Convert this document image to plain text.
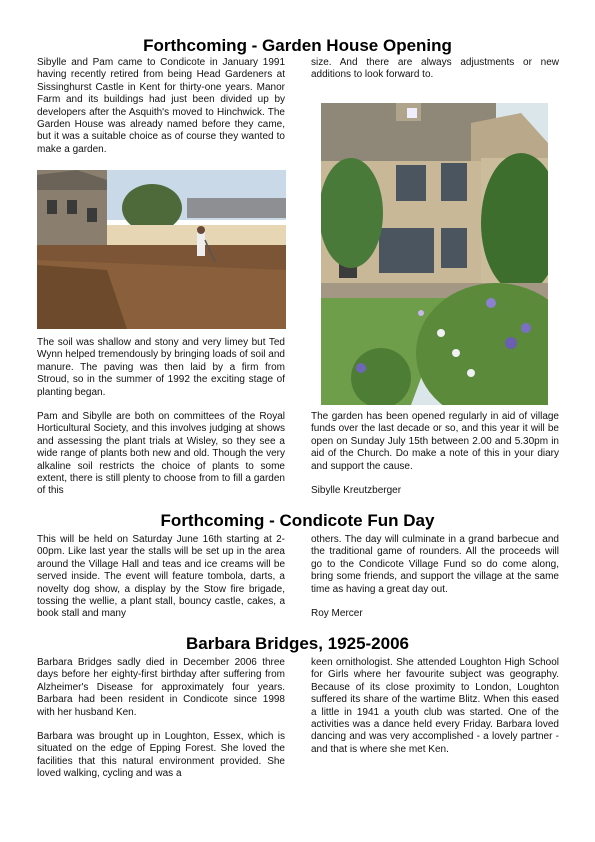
Forthcoming - Garden House Opening

Sibylle and Pam came to Condicote in January 1991 having recently retired from being Head Gardeners at Sissinghurst Castle in Kent for thirty-one years. Manor Farm and its buildings had just been divided up by developers after the Asquith's moved to Hinchwick. The Garden House was already named before they came, but it was a suitable choice as of course they wanted to make a garden.

The soil was shallow and stony and very limey but Ted Wynn helped tremendously by bringing loads of soil and manure. The paving was then laid by a firm from Stroud, so in the summer of 1992 the exciting stage of planting began.

Pam and Sibylle are both on committees of the Royal Horticultural Society, and this involves judging at shows and assessing the plant trials at Wisley, so they see a wide range of plants both new and old. Though the very alkaline soil restricts the choice of plants to some extent, there is still plenty to choose from to fill a garden of this

size. And there are always adjustments or new additions to look forward to.

The garden has been opened regularly in aid of village funds over the last decade or so, and this year it will be open on Sunday July 15th between 2.00 and 5.30pm in aid of the Church. Do make a note of this in your diary and support the cause.

Sibylle Kreutzberger

Forthcoming - Condicote Fun Day

This will be held on Saturday June 16th starting at 2-00pm. Like last year the stalls will be set up in the area around the Village Hall and teas and ice creams will be served inside. The event will feature tombola, darts, a novelty dog show, a display by the Stow fire brigade, tossing the wellie, a plant stall, bouncy castle, cakes, a book stall and many

others. The day will culminate in a grand barbecue and the traditional game of rounders. All the proceeds will go to the Condicote Village Fund so do come along, bring some friends, and support the village at the same time as having a great day out.

Roy Mercer

Barbara Bridges, 1925-2006

Barbara Bridges sadly died in December 2006 three days before her eighty-first birthday after suffering from Alzheimer's Disease for approximately four years. Barbara had been resident in Condicote since 1998 with her husband Ken.

Barbara was brought up in Loughton, Essex, which is situated on the edge of Epping Forest. She loved the facilities that this natural environment provided. She loved walking, cycling and was a

keen ornithologist. She attended Loughton High School for Girls where her favourite subject was geography. Because of its close proximity to London, Loughton suffered its share of the wartime Blitz. When this eased a little in 1941 a youth club was started. One of the activities was a dance held every Friday. Barbara loved dancing and was very accomplished - a lovely partner - and that is where she met Ken.
